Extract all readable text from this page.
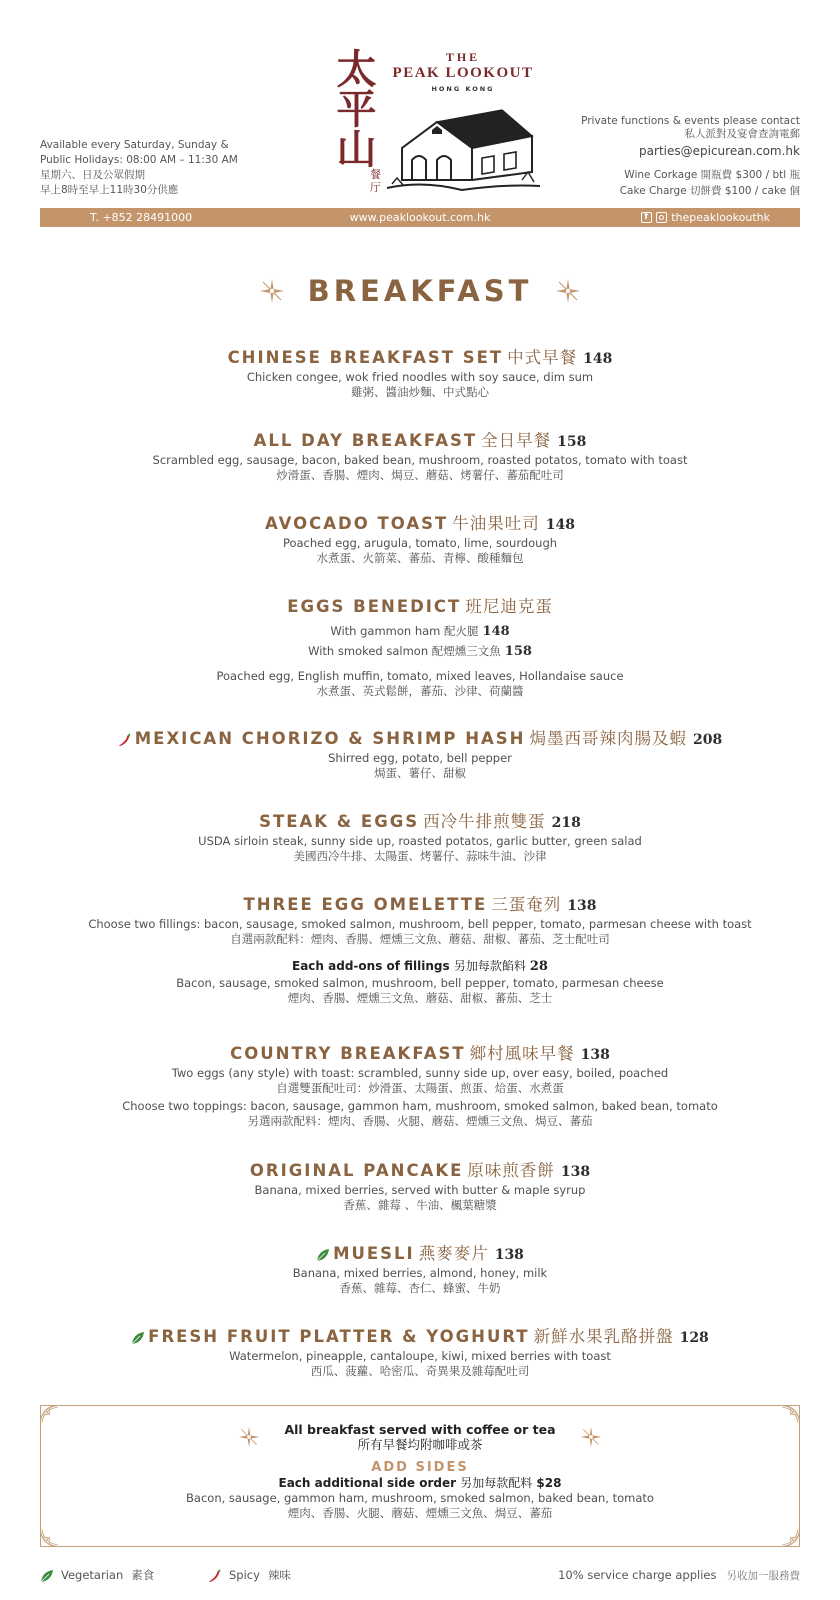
Available every Saturday, Sunday &
Public Holidays: 08:00 AM – 11:30 AM
星期六、日及公眾假期
早上8時至早上11時30分供應
太平山
餐厅
THE
PEAK LOOKOUT
HONG KONG
Private functions & events please contact
私人派對及宴會查詢電郵
parties@epicurean.com.hk
Wine Corkage 開瓶費 $300 / btl 瓶
Cake Charge 切餅費 $100 / cake 個
T. +852 28491000	www.peaklookout.com.hk
f	thepeaklookouthk
BREAKFAST
CHINESE BREAKFAST SET 中式早餐 148
Chicken congee, wok fried noodles with soy sauce, dim sum
雞粥、醬油炒麵、中式點心
ALL DAY BREAKFAST 全日早餐 158
Scrambled egg, sausage, bacon, baked bean, mushroom, roasted potatos, tomato with toast
炒滑蛋、香腸、煙肉、焗豆、蘑菇、烤薯仔、蕃茄配吐司
AVOCADO TOAST 牛油果吐司 148
Poached egg, arugula, tomato, lime, sourdough
水煮蛋、火箭菜、蕃茄、青檸、酸種麵包
EGGS BENEDICT 班尼迪克蛋
With gammon ham 配火腿 148
With smoked salmon 配煙燻三文魚 158
Poached egg, English muffin, tomato, mixed leaves, Hollandaise sauce
水煮蛋、英式鬆餅，蕃茄、沙律、荷蘭醬
MEXICAN CHORIZO & SHRIMP HASH 焗墨西哥辣肉腸及蝦 208
Shirred egg, potato, bell pepper
焗蛋、薯仔、甜椒
STEAK & EGGS 西冷牛排煎雙蛋 218
USDA sirloin steak, sunny side up, roasted potatos, garlic butter, green salad
美國西冷牛排、太陽蛋、烤薯仔、蒜味牛油、沙律
THREE EGG OMELETTE 三蛋奄列 138
Choose two fillings: bacon, sausage, smoked salmon, mushroom, bell pepper, tomato, parmesan cheese with toast
自選兩款配料：煙肉、香腸、煙燻三文魚、蘑菇、甜椒、蕃茄、芝士配吐司
Each add-ons of fillings 另加每款餡料 28
Bacon, sausage, smoked salmon, mushroom, bell pepper, tomato, parmesan cheese
煙肉、香腸、煙燻三文魚、蘑菇、甜椒、蕃茄、芝士
COUNTRY BREAKFAST 鄉村風味早餐 138
Two eggs (any style) with toast: scrambled, sunny side up, over easy, boiled, poached
自選雙蛋配吐司：炒滑蛋、太陽蛋、煎蛋、烚蛋、水煮蛋
Choose two toppings: bacon, sausage, gammon ham, mushroom, smoked salmon, baked bean, tomato
另選兩款配料：煙肉、香腸、火腿、蘑菇、煙燻三文魚、焗豆、蕃茄
ORIGINAL PANCAKE 原味煎香餅 138
Banana, mixed berries, served with butter & maple syrup
香蕉、雜莓 、牛油、楓葉糖漿
MUESLI 燕麥麥片 138
Banana, mixed berries, almond, honey, milk
香蕉、雜莓、杏仁、蜂蜜、牛奶
FRESH FRUIT PLATTER & YOGHURT 新鮮水果乳酪拼盤 128
Watermelon, pineapple, cantaloupe, kiwi, mixed berries with toast
西瓜、菠蘿、哈密瓜、奇異果及雜莓配吐司
All breakfast served with coffee or tea
所有早餐均附咖啡或茶
ADD SIDES
Each additional side order 另加每款配料 $28
Bacon, sausage, gammon ham, mushroom, smoked salmon, baked bean, tomato
煙肉、香腸、火腿、蘑菇、煙燻三文魚、焗豆、蕃茄
Vegetarian 素食	Spicy 辣味	10% service charge applies 另收加一服務費
